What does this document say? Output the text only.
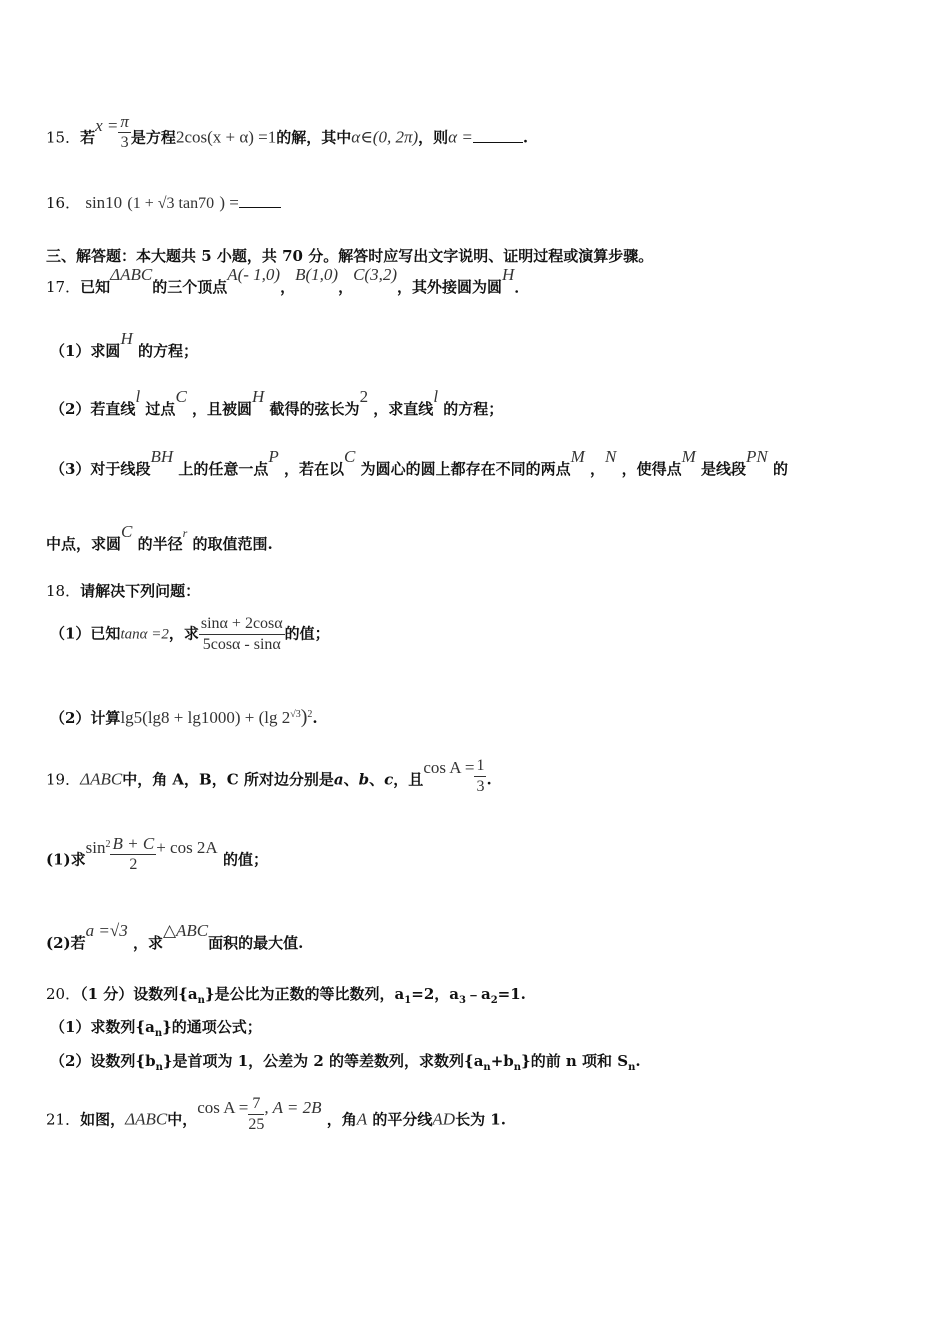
15．若$x = \frac{\pi}{3}$ 是方程2cos(x + α) =1的解，其中α∈(0, 2π)，则α =	.
16． sin10 (1 + √3 tan70 ) =
三、解答题：本大题共 5 小题，共 70 分。解答时应写出文字说明、证明过程或演算步骤。
17．已知ΔABC的三个顶点A(- 1,0)，B(1,0)，C(3,2)，其外接圆为圆H．
（1）求圆H 的方程；
（2）若直线l 过点C ，且被圆H 截得的弦长为2 ，求直线l 的方程；
（3）对于线段BH 上的任意一点P ，若在以C 为圆心的圆上都存在不同的两点M ，N ，使得点M 是线段PN 的
中点，求圆C 的半径$^r$ 的取值范围.
18．请解决下列问题：
（1）已知tanα =2，求 $\frac{\sin\alpha + 2\cos\alpha}{5\cos\alpha - \sin\alpha}$ 的值；
（2）计算lg5(lg8 + lg1000) + (lg $2^{√3})^2$.
19．ΔABC中，角 A，B，C 所对边分别是a、b、c，且$\cos A = \frac{1}{3}$ .
(1)求$\sin^2 \frac{B + C}{2} + \cos 2A$ 的值；
(2)若a =√3 ，求△ABC面积的最大值.
20．（1 分）设数列$\{a_n\}$是公比为正数的等比数列，$a_1=2$，$a_3﹣a_2=1$.
（1）求数列$\{a_n\}$的通项公式；
（2）设数列$\{b_n\}$是首项为 1，公差为 2 的等差数列，求数列$\{a_n+b_n\}$的前 n 项和 $S_n$.
21．如图，ΔABC中，$\cos A = \frac{7}{25}$ , A = 2B ，角A 的平分线AD长为 1.
